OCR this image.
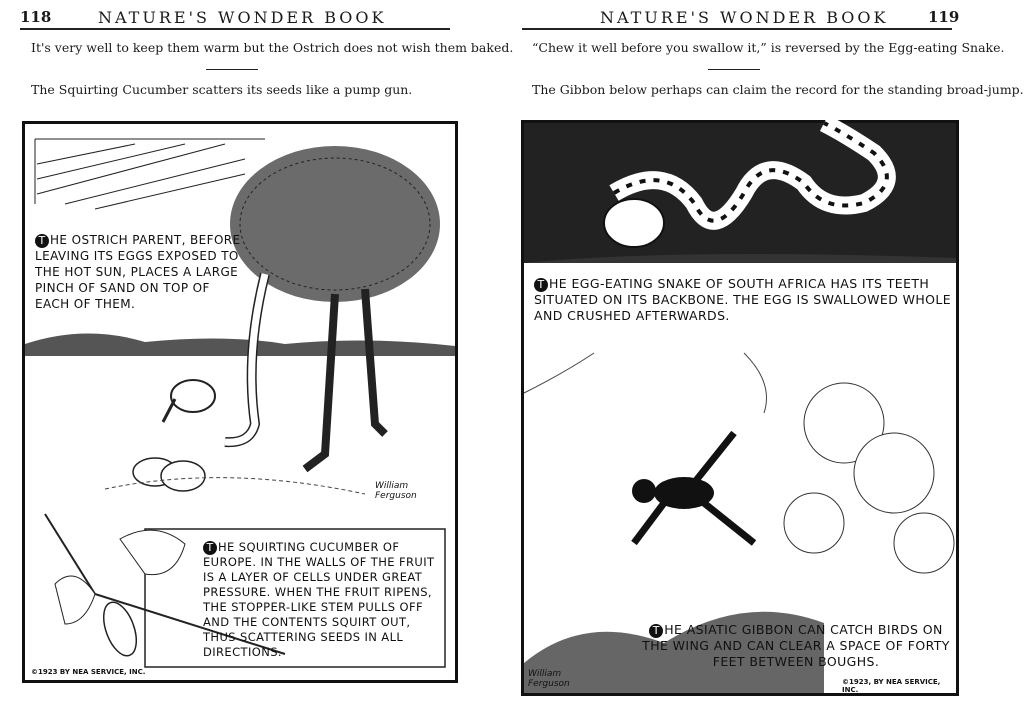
118	NATURE'S WONDER BOOK
It's very well to keep them warm but the Ostrich does not wish them baked.
The Squirting Cucumber scatters its seeds like a pump gun.
T HE OSTRICH PARENT, BEFORE LEAVING ITS EGGS EXPOSED TO THE HOT SUN, PLACES A LARGE PINCH OF SAND ON TOP OF EACH OF THEM.
T HE SQUIRTING CUCUMBER OF EUROPE. IN THE WALLS OF THE FRUIT IS A LAYER OF CELLS UNDER GREAT PRESSURE. WHEN THE FRUIT RIPENS, THE STOPPER-LIKE STEM PULLS OFF AND THE CONTENTS SQUIRT OUT, THUS SCATTERING SEEDS IN ALL DIRECTIONS.
William Ferguson
©1923 BY NEA SERVICE, INC.
NATURE'S WONDER BOOK	119
“Chew it well before you swallow it,” is reversed by the Egg-eating Snake.
The Gibbon below perhaps can claim the record for the standing broad-jump.
T HE EGG-EATING SNAKE OF SOUTH AFRICA HAS ITS TEETH SITUATED ON ITS BACKBONE. THE EGG IS SWALLOWED WHOLE AND CRUSHED AFTERWARDS.
T HE ASIATIC GIBBON CAN CATCH BIRDS ON THE WING AND CAN CLEAR A SPACE OF FORTY FEET BETWEEN BOUGHS.
William Ferguson	©1923, BY NEA SERVICE, INC.
